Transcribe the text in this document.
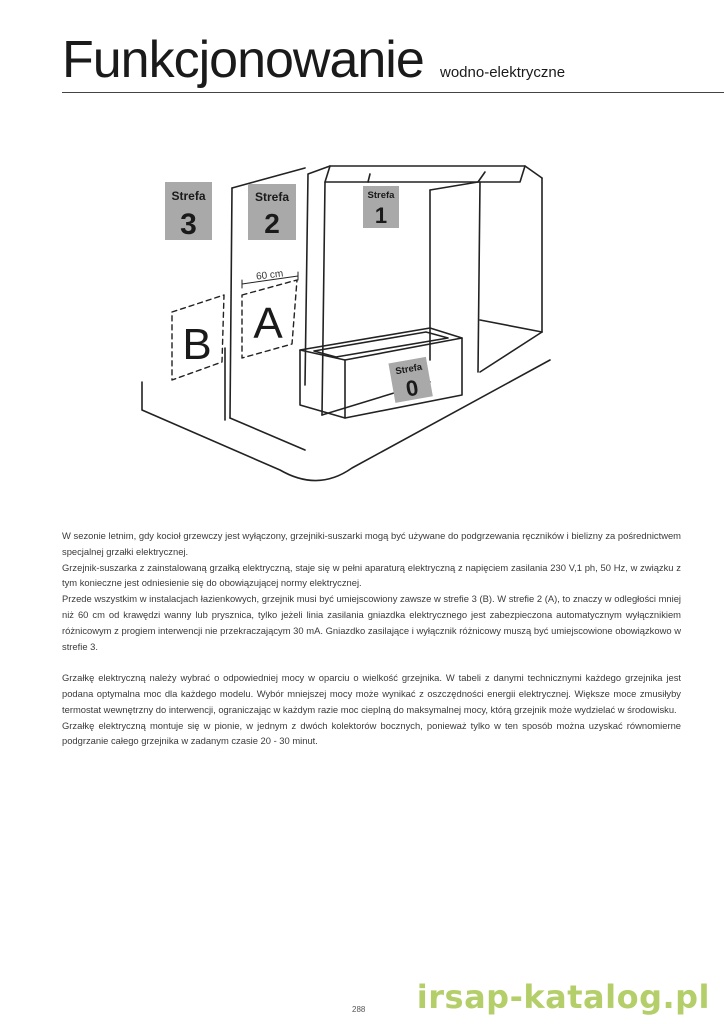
Funkcjonowanie wodno-elektryczne
Strefa
3
Strefa
2
Strefa
1
Strefa
0
60 cm
A
B

W sezonie letnim, gdy kocioł grzewczy jest wyłączony, grzejniki-suszarki mogą być używane do podgrzewania ręczników i bielizny za pośrednictwem specjalnej grzałki elektrycznej.

Grzejnik-suszarka z zainstalowaną grzałką elektryczną, staje się w pełni aparaturą elektryczną z napięciem zasilania 230 V,1 ph, 50 Hz, w związku z tym konieczne jest odniesienie się do obowiązującej normy elektrycznej.

Przede wszystkim w instalacjach łazienkowych, grzejnik musi być umiejscowiony zawsze w strefie 3 (B). W strefie 2 (A), to znaczy w odległości mniej niż 60 cm od krawędzi wanny lub prysznica, tylko jeżeli linia zasilania gniazdka elektrycznego jest zabezpieczona automatycznym wyłącznikiem różnicowym z progiem interwencji nie przekraczającym 30 mA. Gniazdko zasilające i wyłącznik różnicowy muszą być umiejscowione obowiązkowo w strefie 3.

Grzałkę elektryczną należy wybrać o odpowiedniej mocy w oparciu o wielkość grzejnika. W tabeli z danymi technicznymi każdego grzejnika jest podana optymalna moc dla każdego modelu. Wybór mniejszej mocy może wynikać z oszczędności energii elektrycznej. Większe moce zmusiłyby termostat wewnętrzny do interwencji, ograniczając w każdym razie moc cieplną do maksymalnej mocy, którą grzejnik może wydzielać w środowisku.

Grzałkę elektryczną montuje się w pionie, w jednym z dwóch kolektorów bocznych, ponieważ tylko w ten sposób można uzyskać równomierne podgrzanie całego grzejnika w zadanym czasie 20 - 30 minut.

288 irsap-katalog.pl
